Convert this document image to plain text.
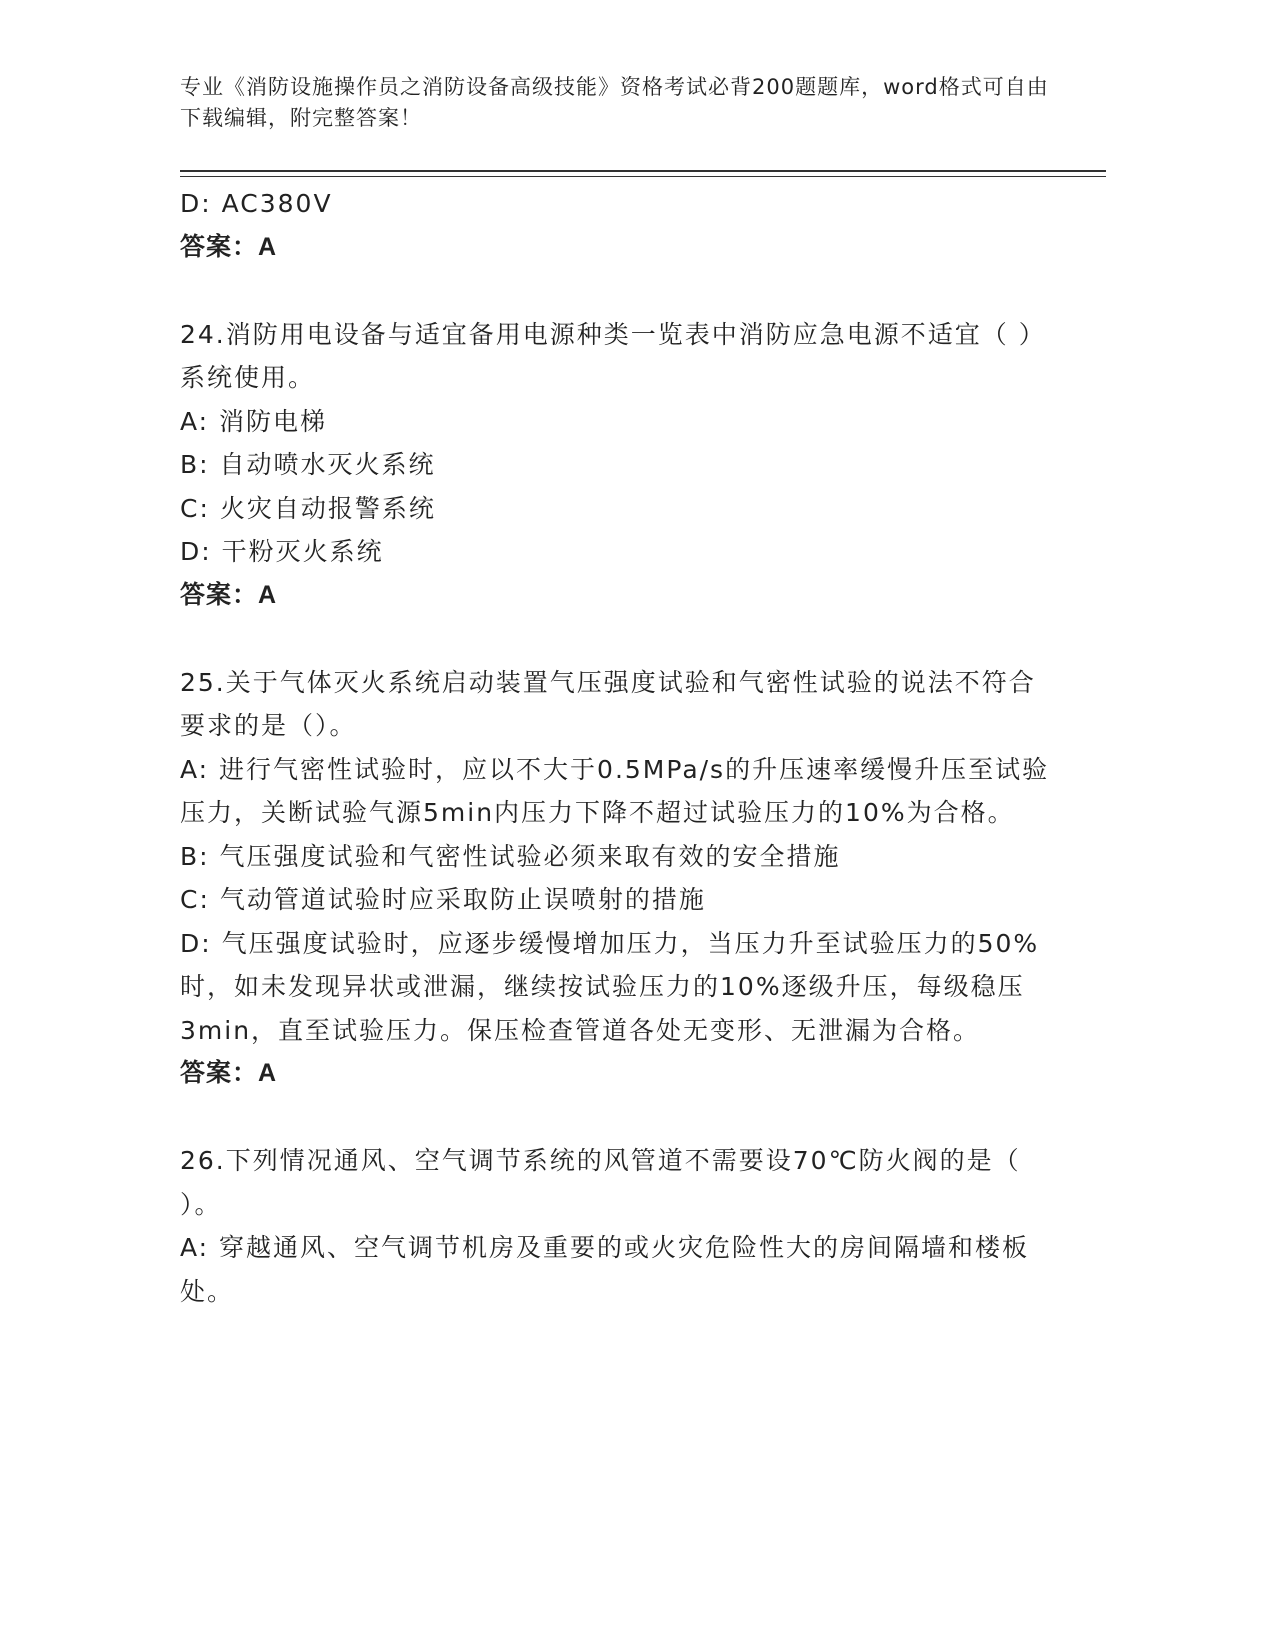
专业《消防设施操作员之消防设备高级技能》资格考试必背200题题库，word格式可自由下载编辑，附完整答案！
D: AC380V
答案：A
24.消防用电设备与适宜备用电源种类一览表中消防应急电源不适宜（ ）系统使用。
A: 消防电梯
B: 自动喷水灭火系统
C: 火灾自动报警系统
D: 干粉灭火系统
答案：A
25.关于气体灭火系统启动装置气压强度试验和气密性试验的说法不符合要求的是（）。
A: 进行气密性试验时，应以不大于0.5MPa/s的升压速率缓慢升压至试验压力，关断试验气源5min内压力下降不超过试验压力的10%为合格。
B: 气压强度试验和气密性试验必须来取有效的安全措施
C: 气动管道试验时应采取防止误喷射的措施
D: 气压强度试验时，应逐步缓慢增加压力，当压力升至试验压力的50%时，如未发现异状或泄漏，继续按试验压力的10%逐级升压，每级稳压3min，直至试验压力。保压检查管道各处无变形、无泄漏为合格。
答案：A
26.下列情况通风、空气调节系统的风管道不需要设70℃防火阀的是（ ）。
A: 穿越通风、空气调节机房及重要的或火灾危险性大的房间隔墙和楼板处。
